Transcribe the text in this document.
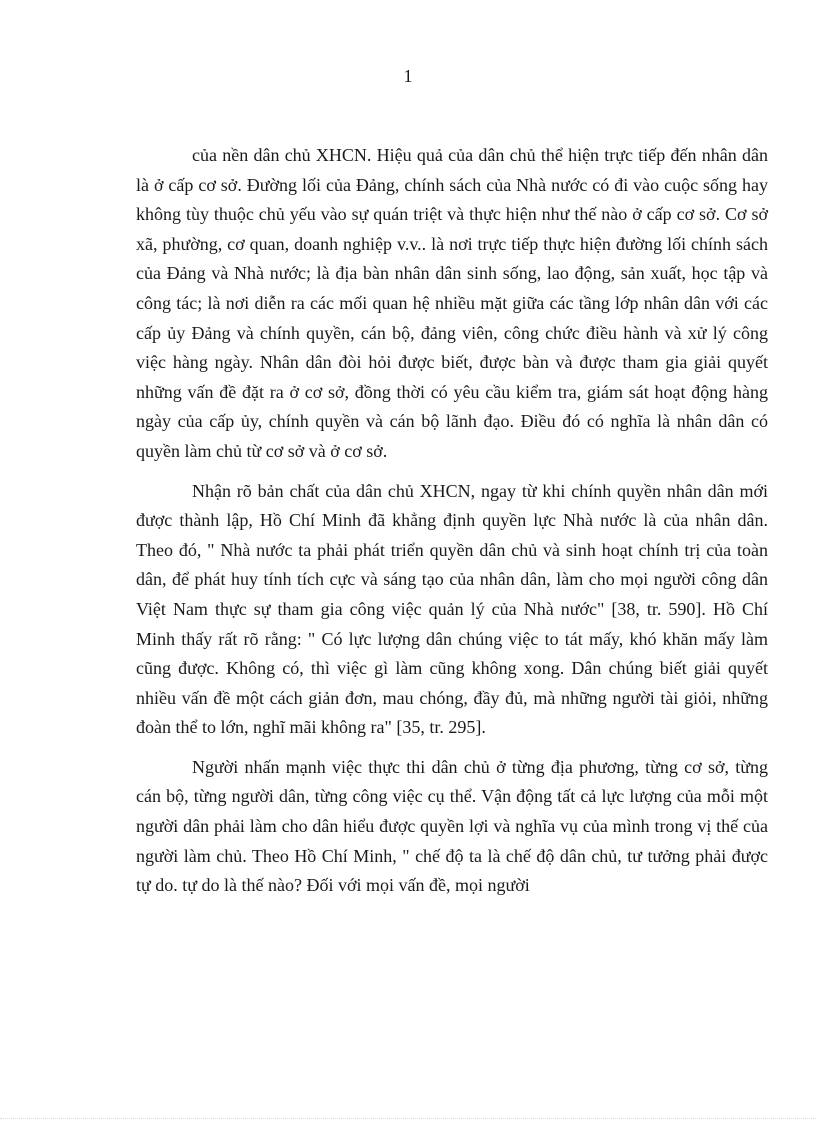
1

của nền dân chủ XHCN. Hiệu quả của dân chủ thể hiện trực tiếp đến nhân dân là ở cấp cơ sở. Đường lối của Đảng, chính sách của Nhà nước có đi vào cuộc sống hay không tùy thuộc chủ yếu vào sự quán triệt và thực hiện như thế nào ở cấp cơ sở. Cơ sở xã, phường, cơ quan, doanh nghiệp v.v.. là nơi trực tiếp thực hiện đường lối chính sách của Đảng và Nhà nước; là địa bàn nhân dân sinh sống, lao động, sản xuất, học tập và công tác; là nơi diễn ra các mối quan hệ nhiều mặt giữa các tầng lớp nhân dân với các cấp ủy Đảng và chính quyền, cán bộ, đảng viên, công chức điều hành và xử lý công việc hàng ngày. Nhân dân đòi hỏi được biết, được bàn và được tham gia giải quyết những vấn đề đặt ra ở cơ sở, đồng thời có yêu cầu kiểm tra, giám sát hoạt động hàng ngày của cấp ủy, chính quyền và cán bộ lãnh đạo. Điều đó có nghĩa là nhân dân có quyền làm chủ từ cơ sở và ở cơ sở.

Nhận rõ bản chất của dân chủ XHCN, ngay từ khi chính quyền nhân dân mới được thành lập, Hồ Chí Minh đã khẳng định quyền lực Nhà nước là của nhân dân. Theo đó, " Nhà nước ta phải phát triển quyền dân chủ và sinh hoạt chính trị của toàn dân, để phát huy tính tích cực và sáng tạo của nhân dân, làm cho mọi người công dân Việt Nam thực sự tham gia công việc quản lý của Nhà nước" [38, tr. 590]. Hồ Chí Minh thấy rất rõ rằng: " Có lực lượng dân chúng việc to tát mấy, khó khăn mấy làm cũng được. Không có, thì việc gì làm cũng không xong. Dân chúng biết giải quyết nhiều vấn đề một cách giản đơn, mau chóng, đầy đủ, mà những người tài giỏi, những đoàn thể to lớn, nghĩ mãi không ra" [35, tr. 295].

Người nhấn mạnh việc thực thi dân chủ ở từng địa phương, từng cơ sở, từng cán bộ, từng người dân, từng công việc cụ thể. Vận động tất cả lực lượng của mỗi một người dân phải làm cho dân hiểu được quyền lợi và nghĩa vụ của mình trong vị thế của người làm chủ. Theo Hồ Chí Minh, " chế độ ta là chế độ dân chủ, tư tưởng phải được tự do. tự do là thế nào? Đối với mọi vấn đề, mọi người
